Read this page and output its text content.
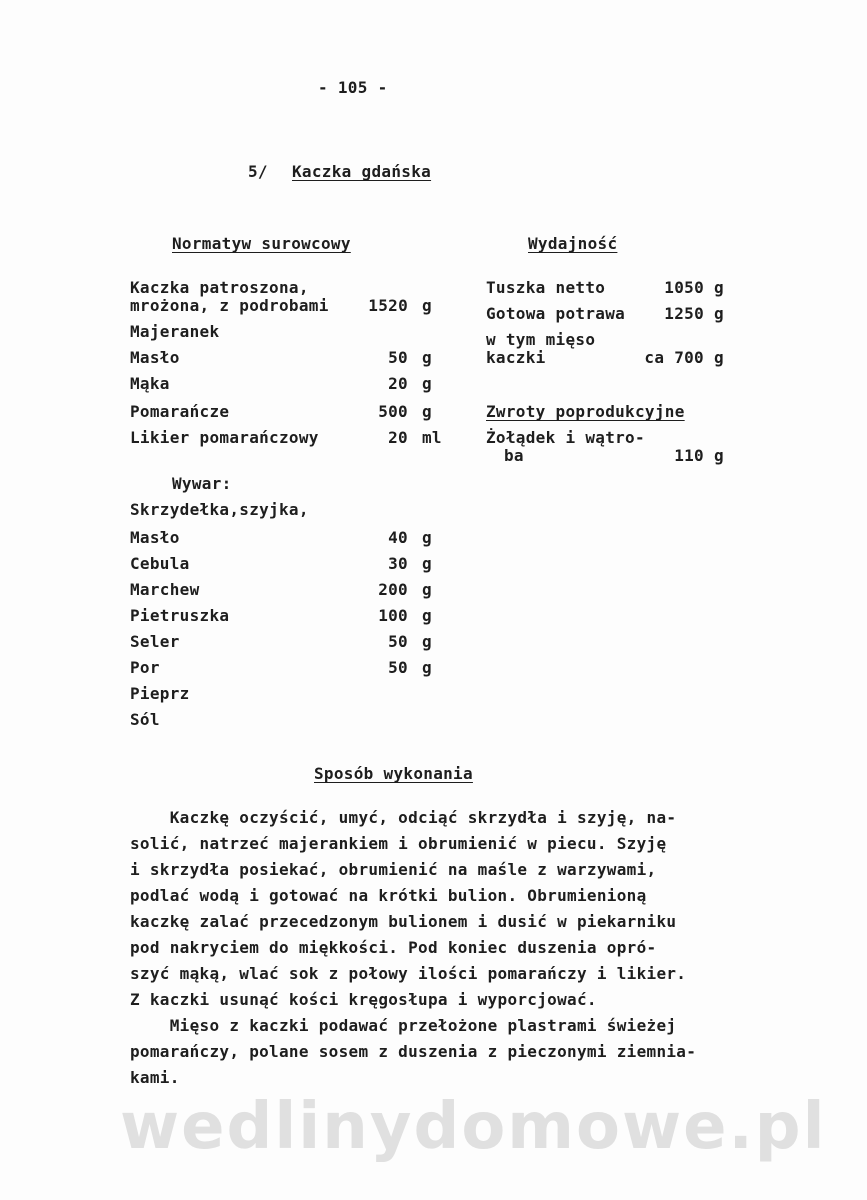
- 105 -
5/ Kaczka gdańska
Normatyw surowcowy
Kaczka patroszona,
mrożona, z podrobami	1520 g
Majeranek
Masło	50 g
Mąka	20 g
Pomarańcze	500 g
Likier pomarańczowy	20 ml
Wywar:
Skrzydełka,szyjka,
Masło	40 g
Cebula	30 g
Marchew	200 g
Pietruszka	100 g
Seler	50 g
Por	50 g
Pieprz
Sól
Wydajność
Tuszka netto	1050 g
Gotowa potrawa	1250 g
w tym mięso
kaczki	ca 700 g
Zwroty poprodukcyjne
Żołądek i wątro-
ba	110 g
Sposób wykonania
Kaczkę oczyścić, umyć, odciąć skrzydła i szyję, na-
solić, natrzeć majerankiem i obrumienić w piecu. Szyję
i skrzydła posiekać, obrumienić na maśle z warzywami,
podlać wodą i gotować na krótki bulion. Obrumienioną
kaczkę zalać przecedzonym bulionem i dusić w piekarniku
pod nakryciem do miękkości. Pod koniec duszenia opró-
szyć mąką, wlać sok z połowy ilości pomarańczy i likier.
Z kaczki usunąć kości kręgosłupa i wyporcjować.
Mięso z kaczki podawać przełożone plastrami świeżej
pomarańczy, polane sosem z duszenia z pieczonymi ziemnia-
kami.
wedlinydomowe.pl
